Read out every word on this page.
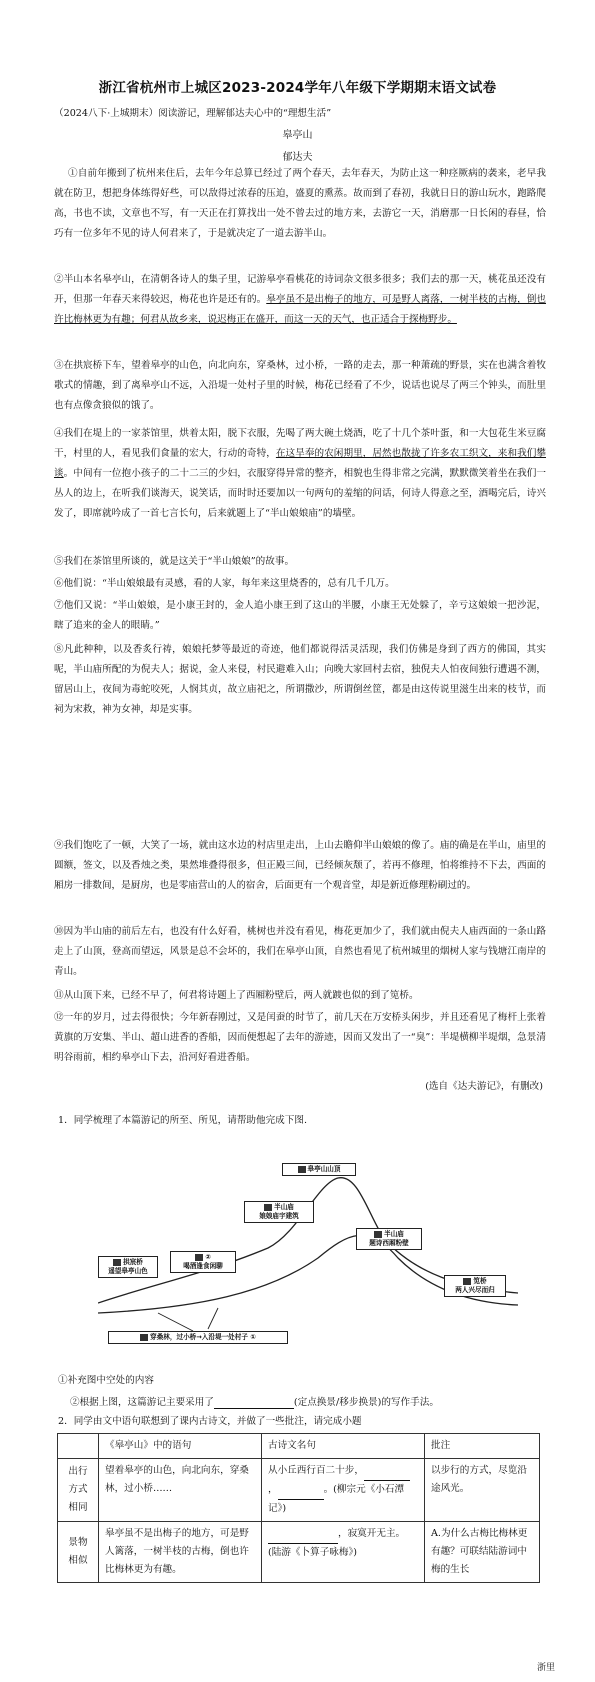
浙江省杭州市上城区2023-2024学年八年级下学期期末语文试卷
（2024八下·上城期末）阅读游记，理解郁达夫心中的“理想生活”
皋亭山
郁达夫
①自前年搬到了杭州来住后，去年今年总算已经过了两个春天，去年春天，为防止这一种痉厥病的袭来，老早我就在防卫，想把身体练得好些，可以敌得过浓春的压迫，盛夏的熏蒸。故而到了春初，我就日日的游山玩水，跑路爬高，书也不读，文章也不写，有一天正在打算找出一处不曾去过的地方来，去游它一天，消磨那一日长闲的春昼，恰巧有一位多年不见的诗人何君来了，于是就决定了一道去游半山。
②半山本名皋亭山，在清朝各诗人的集子里，记游皋亭看桃花的诗词杂文很多很多；我们去的那一天，桃花虽还没有开，但那一年春天来得较迟，梅花也许是还有的。皋亭虽不是出梅子的地方，可是野人离落，一树半枝的古梅，倒也许比梅林更为有趣；何君从故乡来，说迟梅正在盛开，而这一天的天气，也正适合于探梅野步。
③在拱宸桥下车，望着皋亭的山色，向北向东，穿桑林，过小桥，一路的走去，那一种萧疏的野景，实在也满含着牧歌式的情趣，到了离皋亭山不远，入沿堤一处村子里的时候，梅花已经看了不少，说话也说尽了两三个钟头，而肚里也有点像贪狼似的饿了。
④我们在堤上的一家茶馆里，烘着太阳，脱下衣服，先喝了两大碗土烧酒，吃了十几个茶叶蛋，和一大包花生米豆腐干，村里的人，看见我们食量的宏大，行动的奇特，在这旱奉的农闲期里，居然也散拢了许多农工织文，来和我们攀谈。中间有一位抱小孩子的二十二三的少妇，衣服穿得异常的整齐，相貌也生得非常之完满，默默微笑着坐在我们一丛人的边上，在听我们谈海天，说笑话，而时时还要加以一句两句的羞缩的问话，何诗人得意之至，酒喝完后，诗兴发了，即席就吟成了一首七言长句，后来就题上了“半山娘娘庙”的墙壁。
⑤我们在茶馆里所谈的，就是这关于“半山娘娘”的故事。
⑥他们说：“半山娘娘最有灵感，看的人家，每年来这里烧香的，总有几千几万。
⑦他们又说：“半山娘娘，是小康王封的，金人追小康王到了这山的半腰，小康王无处躲了，辛亏这娘娘一把沙泥，瞎了追来的金人的眼睛。”
⑧凡此种种，以及香炙行祷，娘娘托梦等最近的奇迹，他们都说得活灵活现，我们仿佛是身到了西方的佛国，其实呢，半山庙所配的为倪夫人；据说，金人来侵，村民避难入山；向晚大家回村去宿，独倪夫人怕夜间独行遭遇不测，留居山上，夜间为毒蛇咬死，人悯其贞，故立庙祀之，所谓撒沙，所谓倒丝筐，都是由这传说里滋生出来的枝节，而祠为宋救，神为女神，却是实事。
⑨我们饱吃了一顿，大笑了一场，就由这水边的村店里走出，上山去瞻仰半山娘娘的像了。庙的确是在半山，庙里的圆额，签文，以及香烛之类，果然堆叠得很多，但正殿三间，已经倾灰颓了，若再不修理，怕将维持不下去，西面的厢房一排数间，是厨房，也是零庙营山的人的宿舍，后面更有一个观音堂，却是新近修理粉刷过的。
⑩因为半山庙的前后左右，也没有什么好看，桃树也并没有看见，梅花更加少了，我们就由倪夫人庙西面的一条山路走上了山顶，登高而望远，风景是总不会坏的，我们在皋亭山顶，自然也看见了杭州城里的烟树人家与钱塘江南岸的青山。
⑪从山顶下来，已经不早了，何君将诗题上了西厢粉壁后，两人就踱也似的到了笕桥。
⑫一年的岁月，过去得很快；今年新春刚过，又是闰蚕的时节了，前几天在万安桥头闲步，并且还看见了梅杆上张着黄旗的万安集、半山、超山进香的香船，因而便想起了去年的游迹，因而又发出了一“臭”：半堤横柳半堤烟，急景清明谷雨前，相约皋亭山下去，沿河好看进香船。
(选自《达夫游记》，有删改)
1．同学梳理了本篇游记的所至、所见，请帮助他完成下图.
皋亭山山顶
半山庙
娘娘庙宇建筑
半山庙
题诗西厢粉壁
拱宸桥
遥望皋亭山色
②
喝酒逢食闲聊
笕桥
两人兴尽而归
穿桑林，过小桥→入沿堤一处村子 ①
①补充图中空处的内容
②根据上图，这篇游记主要采用了	(定点换景/移步换景)的写作手法。
2．同学由文中语句联想到了课内古诗文，并做了一些批注，请完成小题
	《皋亭山》中的语句	古诗文名句	批注
出行方式相同	望着皋亭的山色，向北向东，穿桑林，过小桥……	从小丘西行百二十步， ， 。(柳宗元《小石潭记》)	以步行的方式，尽览沿途风光。
景物相似	皋亭虽不是出梅子的地方，可是野人篱落，一树半枝的古梅，倒也许比梅林更为有趣。	，寂寞开无主。(陆游《卜算子咏梅》)	A.为什么古梅比梅林更有趣？可联结陆游词中梅的生长
浙里
